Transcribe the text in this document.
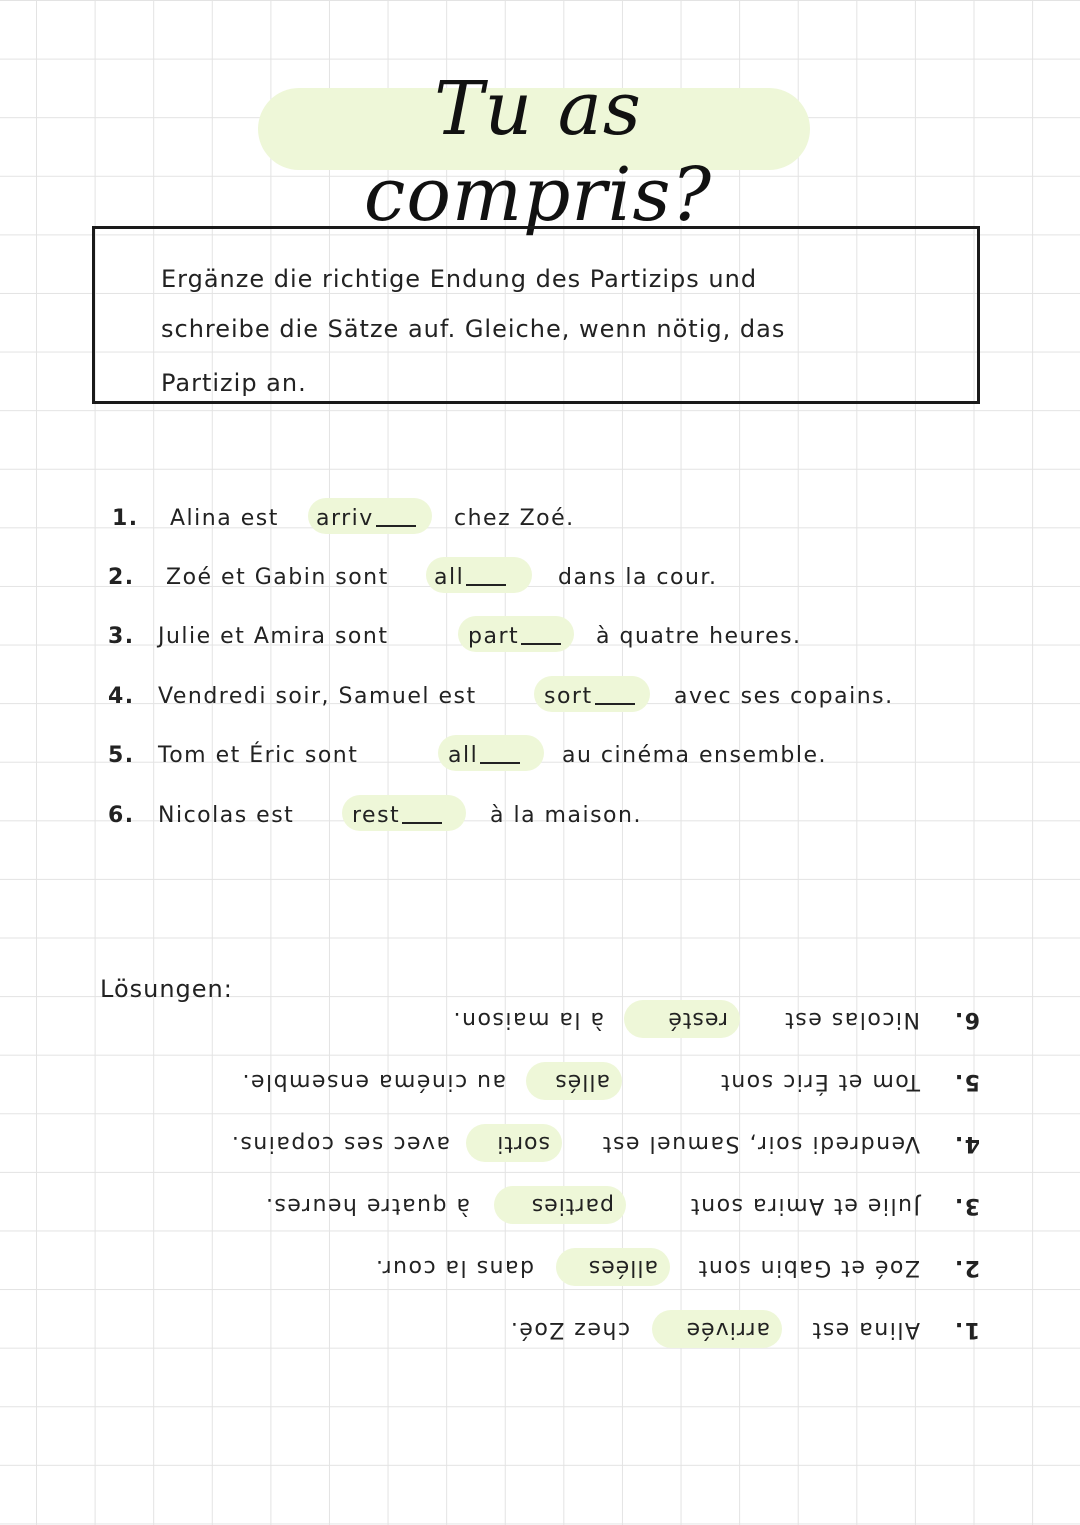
Tu as compris?
Ergänze die richtige Endung des Partizips und
schreibe die Sätze auf. Gleiche, wenn nötig, das
Partizip an.
1. Alina est arriv	chez Zoé.
2. Zoé et Gabin sont all	dans la cour.
3. Julie et Amira sont	part	à quatre heures.
4. Vendredi soir, Samuel est	sort	avec ses copains.
5. Tom et Éric sont	all	au cinéma ensemble.
6. Nicolas est	rest	à la maison.
Lösungen:
1.
Alina est
arrivée
chez Zoé.
2.
Zoé et Gabin sont
allées
dans la cour.
3.
Julie et Amira sont
parties
à quatre heures.
4.
Vendredi soir, Samuel est
sorti
avec ses copains.
5.
Tom et Éric sont
allés
au cinéma ensemble.
6.
Nicolas est
resté
à la maison.
